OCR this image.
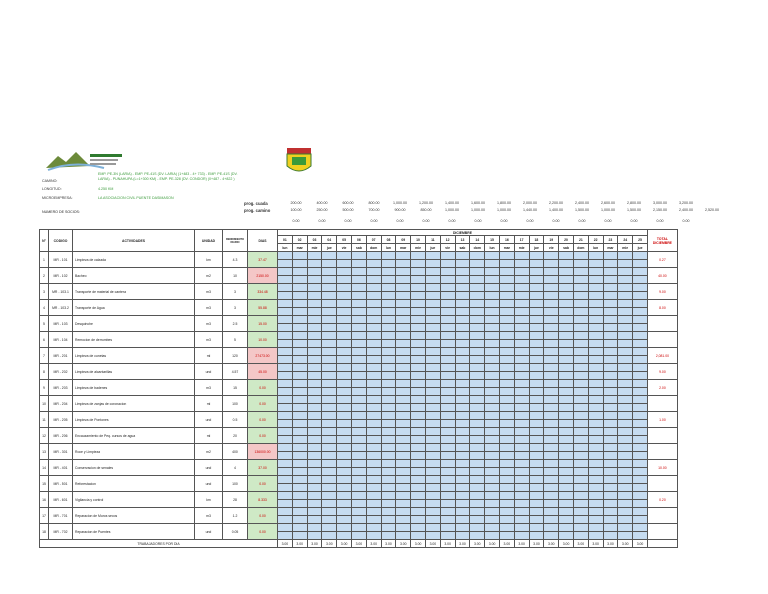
EMP. PE-3N (LARIA) - EMP. PE-41S (DV. LARIA) (1+483 - 4+ 733) - EMP. PE-41S (DV.
CAMINO:	LARIA) - PUNAHUPA (L=1+300 KM) - EMP. PE-328 (DV. CONDOR) (0+487 - 4+822 )
LONGITUD:	4.250 KM
MICROEMPRESA:	LA ASOCIACION CIVIL PUENTE DASIMASON
NUMERO DE SOCIOS:
prog. cuada
prog. camino
200.00	400.00	600.00	800.00	1,000.00	1,200.00	1,400.00	1,600.00	1,800.00	2,000.00	2,200.00	2,400.00	2,600.00	2,800.00	3,000.00	3,200.00
100.00	250.00	500.00	700.00	900.00	850.00	1,000.00	1,000.00	1,000.00	1,440.00	1,400.00	1,500.00	1,000.00	1,500.00	2,150.00	2,400.00	2,520.00
0.00	0.00	0.00	0.00	0.00	0.00	0.00	0.00	0.00	0.00	0.00	0.00	0.00	0.00	0.00	0.00
N°	CODIGO	ACTIVIDADES	UNIDAD	RENDIMIENTO DIARIO	DIAS	DICIEMBRE																									TOTAL DICIEMBRE
						01	02	03	04	05	06	07	08	09	10	11	12	13	14	15	16	17	18	19	20	21	22	23	24	25	
						lun	mar	mie	jue	vie	sab	dom	lun	mar	mie	jue	vie	sab	dom	lun	mar	mie	jue	vie	sab	dom	lun	mar	mie	jue	
1	MR - 101	Limpieza de calzada	km	4.3	37.47																										0.27

2	MR - 102	Bacheo	m2	10	2150.00																										40.00

3	MR - 103.1	Transporte de material de cantera	m3	3	334.48																										9.00

4	MR - 103.2	Transporte de Agua	m3	3	55.88																										8.00

5	MR - 103	Desquinche	m3	2.5	15.00																										

6	MR - 104	Remocion de derrumbes	m3	5	10.00																										

7	MR - 201	Limpieza de cunetas	ml	120	27473.00																										2,081.00

8	MR - 202	Limpieza de alcantarillas	und	4.57	45.00																										9.00

9	MR - 203	Limpieza de badenes	m3	15	0.00																										2.00

10	MR - 204	Limpieza de zanjas de coronacion	ml	100	0.00																										

11	MR - 205	Limpieza de Pontones	und	0.5	0.00																										1.00

12	MR - 206	Encauzamiento de Peq. cursos de agua	ml	20	0.00																										

13	MR - 301	Roce y Limpieza	m2	400	136000.00																										

14	MR - 401	Conservacion de senales	und	4	37.00																										10.00

15	MR - 501	Reforestacion	und	100	0.00																										

16	MR - 601	Vigilancia y control	km	28	8.333																										0.20

17	MR - 701	Reparacion de Muros secos	m3	1.2	0.00																										

18	MR - 702	Reparacion de Puentes	und	0.05	0.00																										

TRABAJADORES POR DIA						3.00	3.00	3.00	3.00	3.00	3.00	3.00	3.00	3.00	3.00	3.00	3.00	3.00	3.00	3.00	3.00	3.00	3.00	3.00	3.00	3.00	3.00	3.00	3.00	3.00	
